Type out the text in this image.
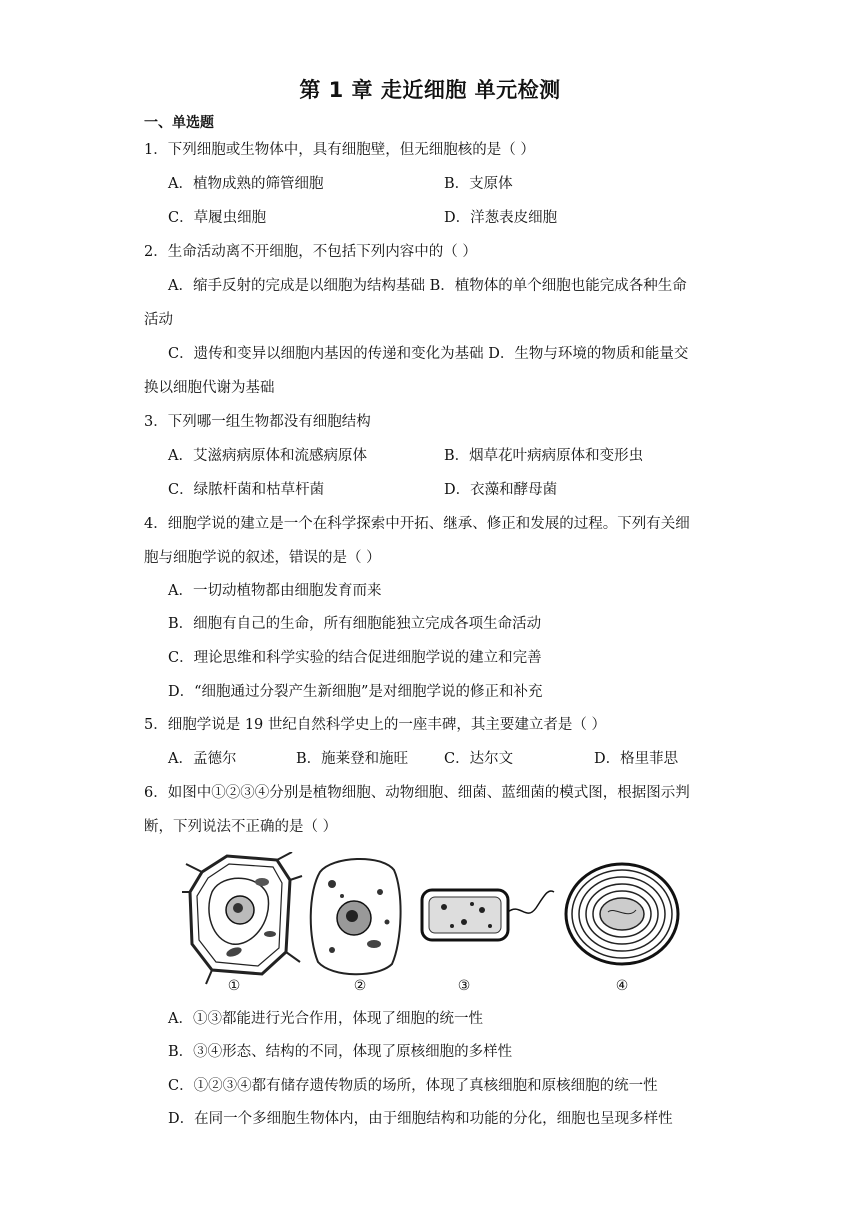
第 1 章 走近细胞 单元检测
一、单选题
1．下列细胞或生物体中，具有细胞壁，但无细胞核的是（ ）
A．植物成熟的筛管细胞	B．支原体
C．草履虫细胞	D．洋葱表皮细胞
2．生命活动离不开细胞，不包括下列内容中的（ ）
A．缩手反射的完成是以细胞为结构基础 B．植物体的单个细胞也能完成各种生命
活动
C．遗传和变异以细胞内基因的传递和变化为基础 D．生物与环境的物质和能量交
换以细胞代谢为基础
3．下列哪一组生物都没有细胞结构
A．艾滋病病原体和流感病原体	B．烟草花叶病病原体和变形虫
C．绿脓杆菌和枯草杆菌	D．衣藻和酵母菌
4．细胞学说的建立是一个在科学探索中开拓、继承、修正和发展的过程。下列有关细
胞与细胞学说的叙述，错误的是（ ）
A．一切动植物都由细胞发育而来
B．细胞有自己的生命，所有细胞能独立完成各项生命活动
C．理论思维和科学实验的结合促进细胞学说的建立和完善
D．“细胞通过分裂产生新细胞”是对细胞学说的修正和补充
5．细胞学说是 19 世纪自然科学史上的一座丰碑，其主要建立者是（ ）
A．孟德尔	B．施莱登和施旺 C．达尔文	D．格里菲思
6．如图中①②③④分别是植物细胞、动物细胞、细菌、蓝细菌的模式图，根据图示判
断，下列说法不正确的是（ ）
①	②	③	④
A．①③都能进行光合作用，体现了细胞的统一性
B．③④形态、结构的不同，体现了原核细胞的多样性
C．①②③④都有储存遗传物质的场所，体现了真核细胞和原核细胞的统一性
D．在同一个多细胞生物体内，由于细胞结构和功能的分化，细胞也呈现多样性
